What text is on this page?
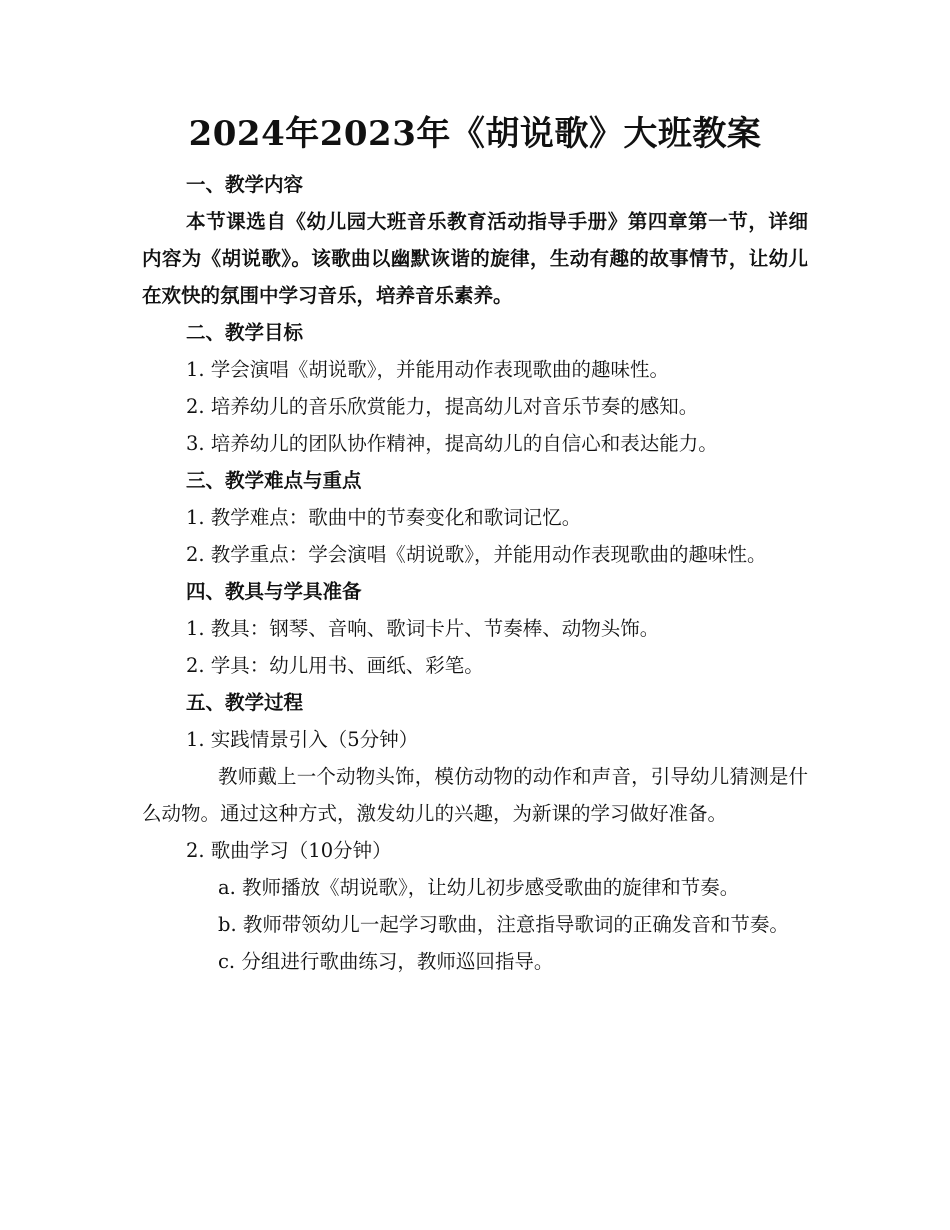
2024年2023年《胡说歌》大班教案

一、教学内容

本节课选自《幼儿园大班音乐教育活动指导手册》第四章第一节，详细内容为《胡说歌》。该歌曲以幽默诙谐的旋律，生动有趣的故事情节，让幼儿在欢快的氛围中学习音乐，培养音乐素养。

二、教学目标

1. 学会演唱《胡说歌》，并能用动作表现歌曲的趣味性。

2. 培养幼儿的音乐欣赏能力，提高幼儿对音乐节奏的感知。

3. 培养幼儿的团队协作精神，提高幼儿的自信心和表达能力。

三、教学难点与重点

1. 教学难点：歌曲中的节奏变化和歌词记忆。

2. 教学重点：学会演唱《胡说歌》，并能用动作表现歌曲的趣味性。

四、教具与学具准备

1. 教具：钢琴、音响、歌词卡片、节奏棒、动物头饰。

2. 学具：幼儿用书、画纸、彩笔。

五、教学过程

1. 实践情景引入（5分钟）

教师戴上一个动物头饰，模仿动物的动作和声音，引导幼儿猜测是什么动物。通过这种方式，激发幼儿的兴趣，为新课的学习做好准备。

2. 歌曲学习（10分钟）

a. 教师播放《胡说歌》，让幼儿初步感受歌曲的旋律和节奏。

b. 教师带领幼儿一起学习歌曲，注意指导歌词的正确发音和节奏。

c. 分组进行歌曲练习，教师巡回指导。
